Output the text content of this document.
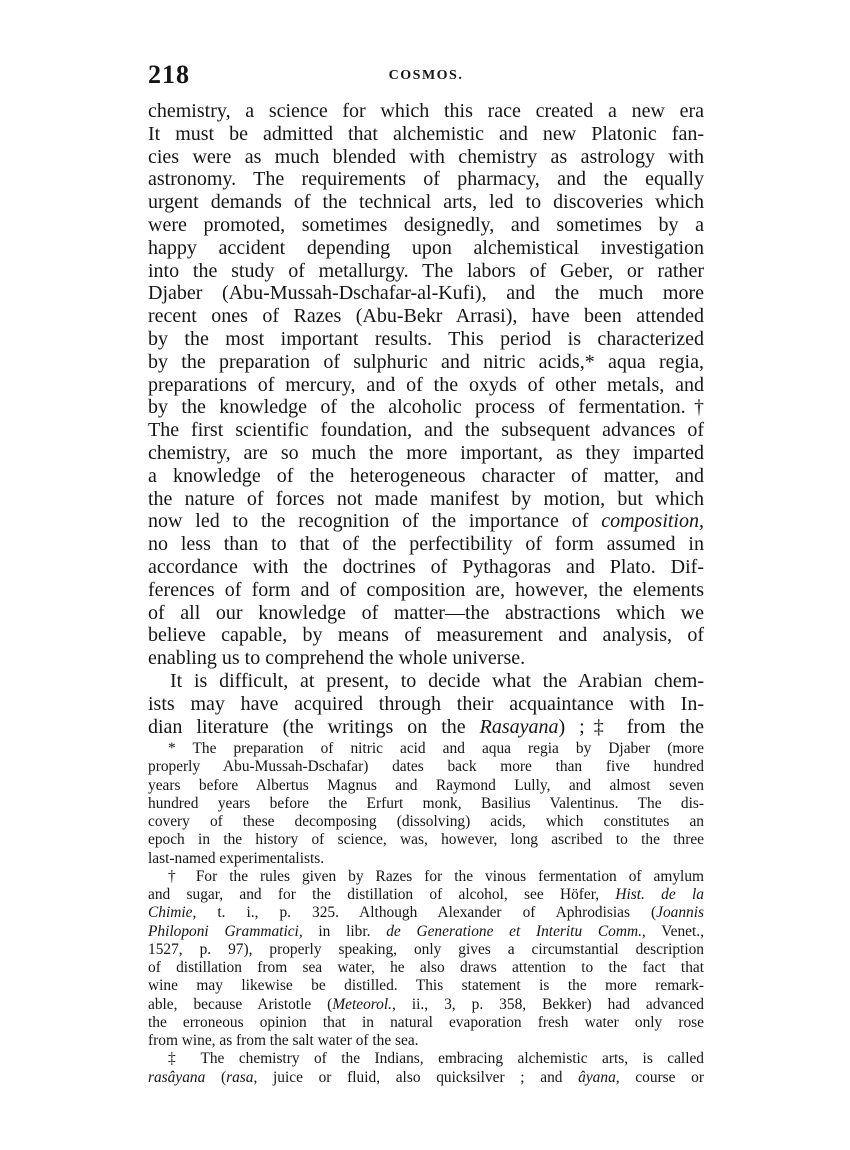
218	COSMOS.
chemistry, a science for which this race created a new era
It must be admitted that alchemistic and new Platonic fan-
cies were as much blended with chemistry as astrology with
astronomy. The requirements of pharmacy, and the equally
urgent demands of the technical arts, led to discoveries which
were promoted, sometimes designedly, and sometimes by a
happy accident depending upon alchemistical investigation
into the study of metallurgy. The labors of Geber, or rather
Djaber (Abu-Mussah-Dschafar-al-Kufi), and the much more
recent ones of Razes (Abu-Bekr Arrasi), have been attended
by the most important results. This period is characterized
by the preparation of sulphuric and nitric acids,* aqua regia,
preparations of mercury, and of the oxyds of other metals, and
by the knowledge of the alcoholic process of fermentation.†
The first scientific foundation, and the subsequent advances of
chemistry, are so much the more important, as they imparted
a knowledge of the heterogeneous character of matter, and
the nature of forces not made manifest by motion, but which
now led to the recognition of the importance of composition,
no less than to that of the perfectibility of form assumed in
accordance with the doctrines of Pythagoras and Plato. Dif-
ferences of form and of composition are, however, the elements
of all our knowledge of matter—the abstractions which we
believe capable, by means of measurement and analysis, of
enabling us to comprehend the whole universe.
It is difficult, at present, to decide what the Arabian chem-
ists may have acquired through their acquaintance with In-
dian literature (the writings on the Rasayana) ;‡ from the
* The preparation of nitric acid and aqua regia by Djaber (more
properly Abu-Mussah-Dschafar) dates back more than five hundred
years before Albertus Magnus and Raymond Lully, and almost seven
hundred years before the Erfurt monk, Basilius Valentinus. The dis-
covery of these decomposing (dissolving) acids, which constitutes an
epoch in the history of science, was, however, long ascribed to the three
last-named experimentalists.
† For the rules given by Razes for the vinous fermentation of amylum
and sugar, and for the distillation of alcohol, see Höfer, Hist. de la
Chimie, t. i., p. 325. Although Alexander of Aphrodisias (Joannis
Philoponi Grammatici, in libr. de Generatione et Interitu Comm., Venet.,
1527, p. 97), properly speaking, only gives a circumstantial description
of distillation from sea water, he also draws attention to the fact that
wine may likewise be distilled. This statement is the more remark-
able, because Aristotle (Meteorol., ii., 3, p. 358, Bekker) had advanced
the erroneous opinion that in natural evaporation fresh water only rose
from wine, as from the salt water of the sea.
‡ The chemistry of the Indians, embracing alchemistic arts, is called
rasâyana (rasa, juice or fluid, also quicksilver ; and âyana, course or
